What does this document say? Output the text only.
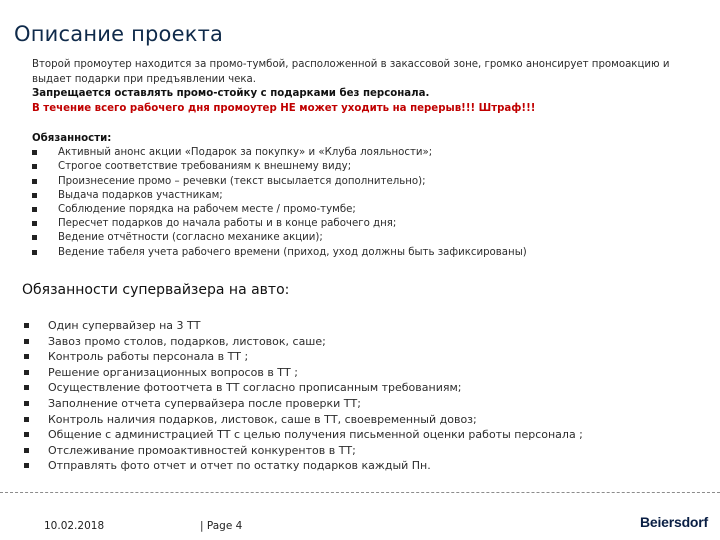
Описание проекта

Второй промоутер находится за промо-тумбой, расположенной в закассовой зоне, громко анонсирует промоакцию и выдает подарки при предъявлении чека.

Запрещается оставлять промо-стойку с подарками без персонала.

В течение всего рабочего дня промоутер НЕ может уходить на перерыв!!! Штраф!!!

Обязанности:

Активный анонс акции «Подарок за покупку» и «Клуба лояльности»;
Строгое соответствие требованиям к внешнему виду;
Произнесение промо – речевки (текст высылается дополнительно);
Выдача подарков участникам;
Соблюдение порядка на рабочем месте / промо-тумбе;
Пересчет подарков до начала работы и в конце рабочего дня;
Ведение отчётности (согласно механике акции);
Ведение табеля учета рабочего времени (приход, уход должны быть зафиксированы)
Обязанности супервайзера на авто:
Один супервайзер на 3 ТТ
Завоз промо столов, подарков, листовок, саше;
Контроль работы персонала в ТТ ;
Решение организационных вопросов в ТТ ;
Осуществление фотоотчета в ТТ согласно прописанным требованиям;
Заполнение отчета супервайзера после проверки ТТ;
Контроль наличия подарков, листовок, саше в ТТ, своевременный довоз;
Общение с администрацией ТТ с целью получения письменной оценки работы персонала ;
Отслеживание промоактивностей конкурентов в ТТ;
Отправлять фото отчет и отчет по остатку подарков каждый Пн.
10.02.2018	| Page 4	Beiersdorf
